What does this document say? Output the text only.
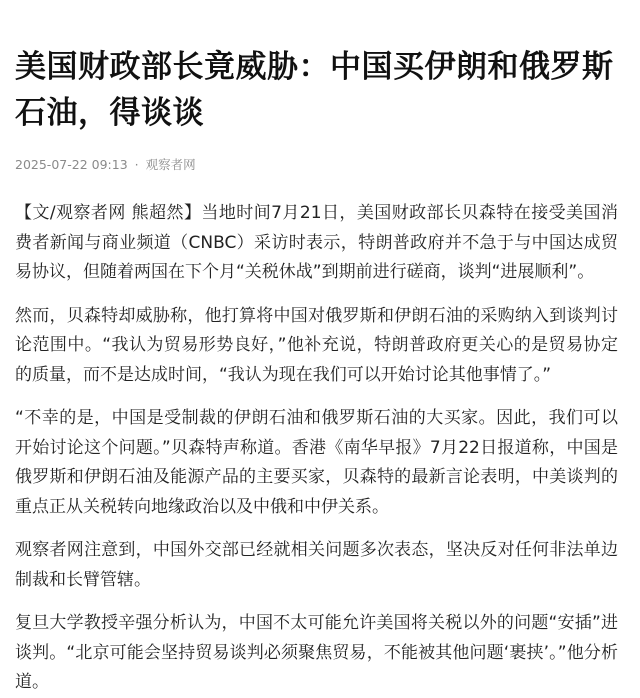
美国财政部长竟威胁：中国买伊朗和俄罗斯石油，得谈谈
2025-07-22 09:13 · 观察者网

【文/观察者网 熊超然】当地时间7月21日，美国财政部长贝森特在接受美国消费者新闻与商业频道（CNBC）采访时表示，特朗普政府并不急于与中国达成贸易协议，但随着两国在下个月“关税休战”到期前进行磋商，谈判“进展顺利”。

然而，贝森特却威胁称，他打算将中国对俄罗斯和伊朗石油的采购纳入到谈判讨论范围中。“我认为贸易形势良好，”他补充说，特朗普政府更关心的是贸易协定的质量，而不是达成时间，“我认为现在我们可以开始讨论其他事情了。”

“不幸的是，中国是受制裁的伊朗石油和俄罗斯石油的大买家。因此，我们可以开始讨论这个问题。”贝森特声称道。香港《南华早报》7月22日报道称，中国是俄罗斯和伊朗石油及能源产品的主要买家，贝森特的最新言论表明，中美谈判的重点正从关税转向地缘政治以及中俄和中伊关系。

观察者网注意到，中国外交部已经就相关问题多次表态，坚决反对任何非法单边制裁和长臂管辖。

复旦大学教授辛强分析认为，中国不太可能允许美国将关税以外的问题“安插”进谈判。“北京可能会坚持贸易谈判必须聚焦贸易，不能被其他问题‘裹挟’。”他分析道。
